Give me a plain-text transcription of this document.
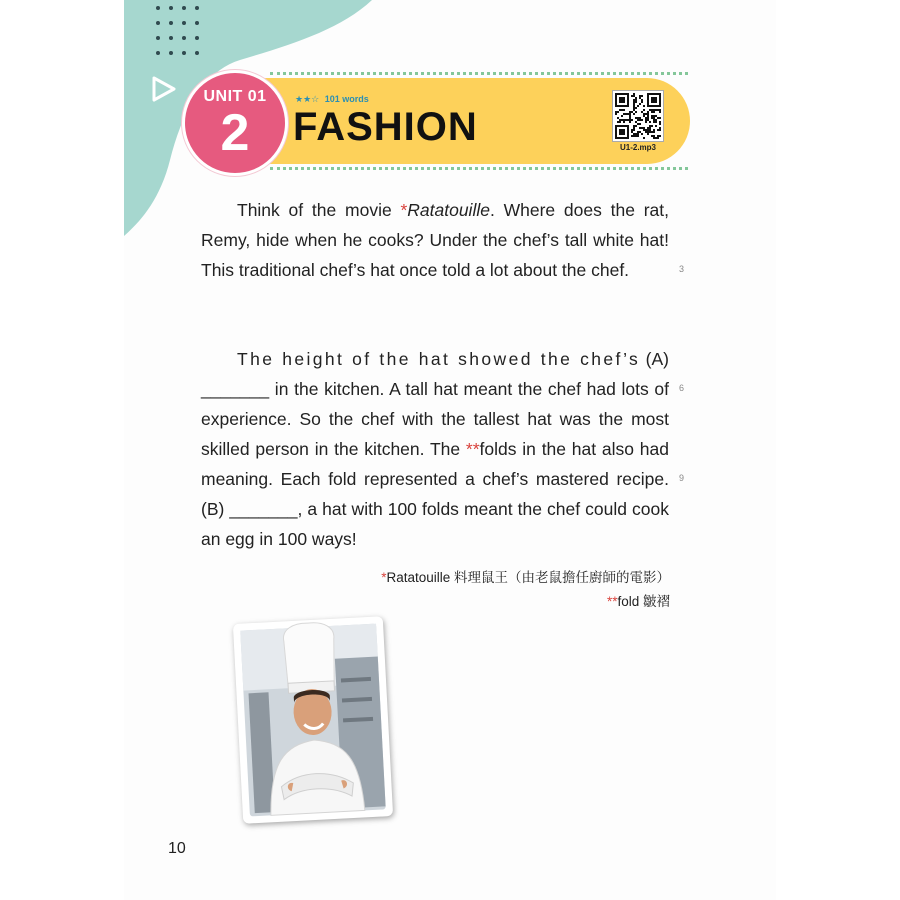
UNIT 01
2
★★☆ 101 words
FASHION	U1-2.mp3

Think of the movie *Ratatouille. Where does the rat, Remy, hide when he cooks? Under the chef’s tall white hat! This traditional chef’s hat once told a lot about the chef.

The height of the hat showed the chef’s (A) _______ in the kitchen. A tall hat meant the chef had lots of experience. So the chef with the tallest hat was the most skilled person in the kitchen. The **folds in the hat also had meaning. Each fold represented a chef’s mastered recipe. (B) _______, a hat with 100 folds meant the chef could cook an egg in 100 ways!

3
6
9
*Ratatouille 料理鼠王（由老鼠擔任廚師的電影）
**fold 皺褶
10
